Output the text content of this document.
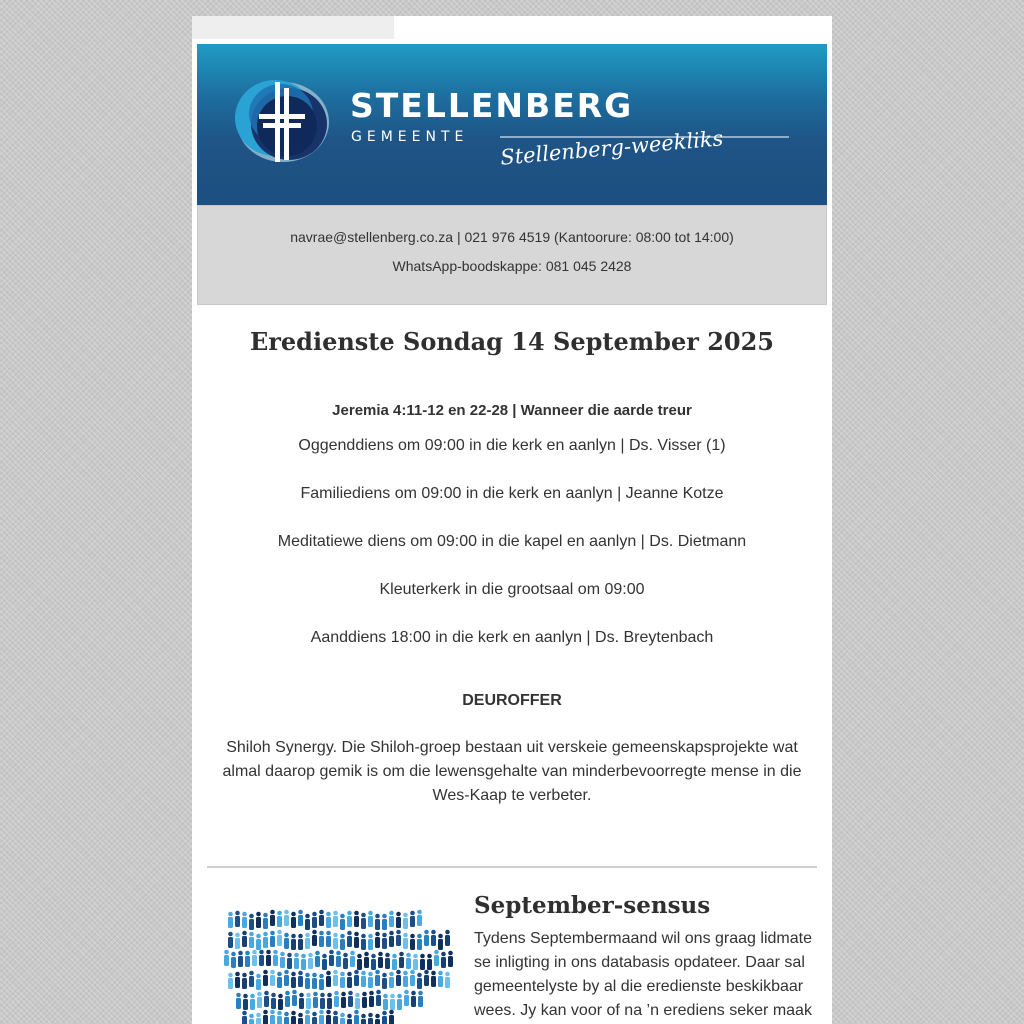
STELLENBERG
GEMEENTE Stellenberg-weekliks
navrae@stellenberg.co.za | 021 976 4519 (Kantoorure: 08:00 tot 14:00)
WhatsApp-boodskappe: 081 045 2428
Eredienste Sondag 14 September 2025
Jeremia 4:11-12 en 22-28 | Wanneer die aarde treur
Oggenddiens om 09:00 in die kerk en aanlyn | Ds. Visser (1)
Familiediens om 09:00 in die kerk en aanlyn | Jeanne Kotze
Meditatiewe diens om 09:00 in die kapel en aanlyn | Ds. Dietmann
Kleuterkerk in die grootsaal om 09:00
Aanddiens 18:00 in die kerk en aanlyn | Ds. Breytenbach
DEUROFFER
Shiloh Synergy. Die Shiloh-groep bestaan uit verskeie gemeenskapsprojekte wat almal daarop gemik is om die lewensgehalte van minderbevoorregte mense in die Wes-Kaap te verbeter.
September-sensus
Tydens Septembermaand wil ons graag lidmate se inligting in ons databasis opdateer. Daar sal gemeentelyste by al die eredienste beskikbaar wees. Jy kan voor of na ’n erediens seker maak
